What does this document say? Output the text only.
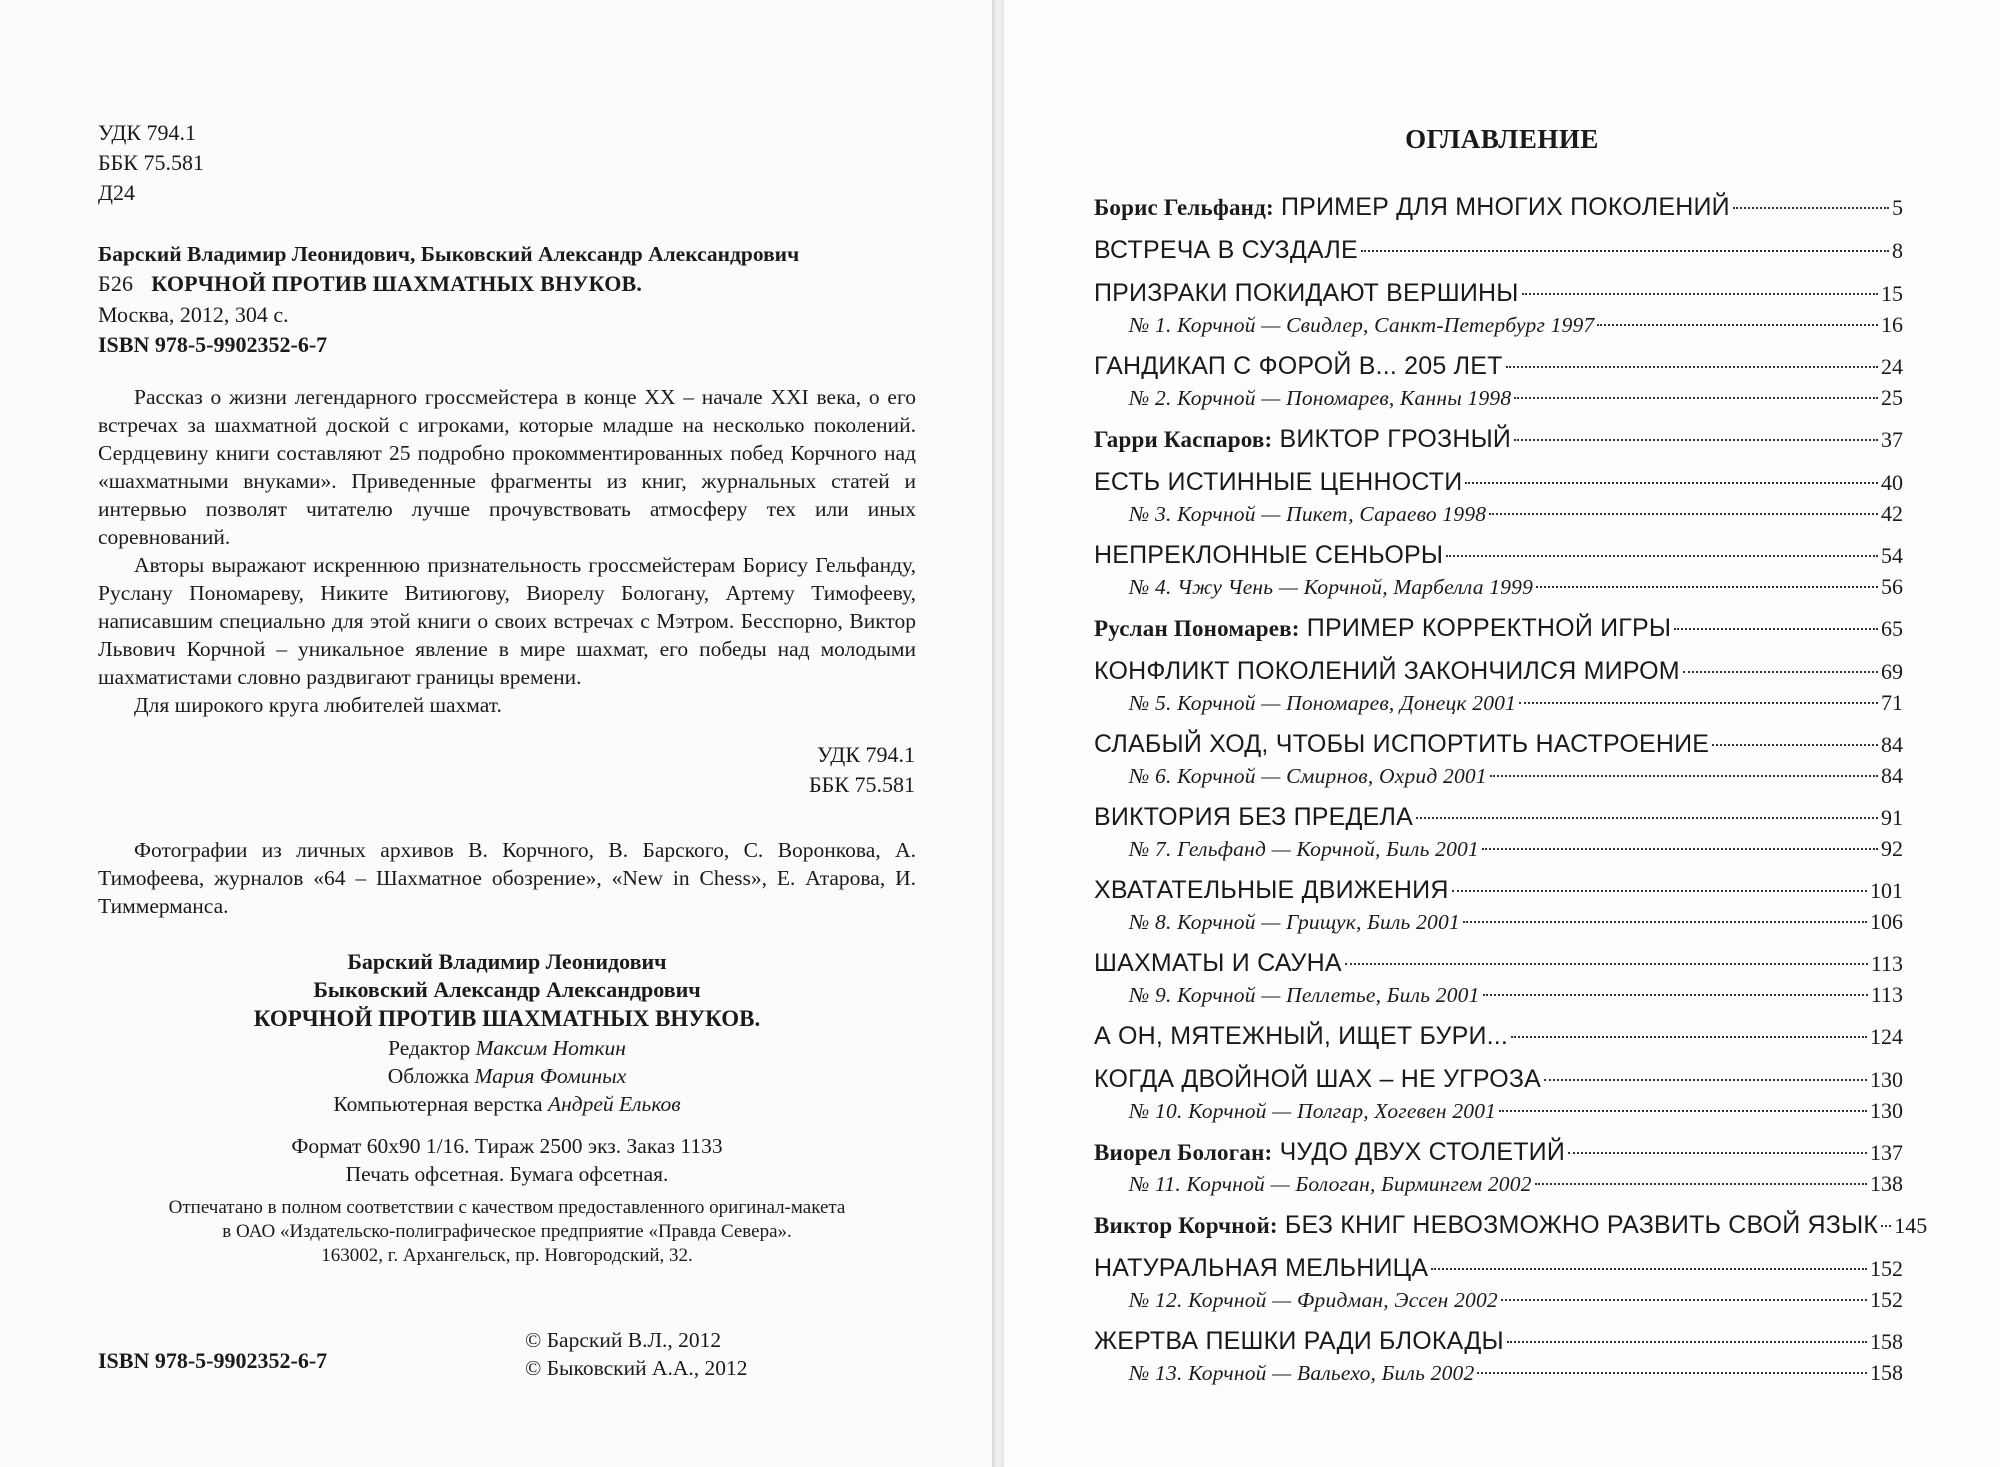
УДК 794.1
ББК 75.581
Д24
Барский Владимир Леонидович, Быковский Александр Александрович
Б26 КОРЧНОЙ ПРОТИВ ШАХМАТНЫХ ВНУКОВ.
Москва, 2012, 304 с.
ISBN 978-5-9902352-6-7

Рассказ о жизни легендарного гроссмейстера в конце XX – начале XXI века, о его встречах за шахматной доской с игроками, которые младше на несколько поколений. Сердцевину книги составляют 25 подробно прокомментированных побед Корчного над «шахматными внуками». Приведенные фрагменты из книг, журнальных статей и интервью позволят читателю лучше прочувствовать атмосферу тех или иных соревнований.

Авторы выражают искреннюю признательность гроссмейстерам Борису Гельфанду, Руслану Пономареву, Никите Витиюгову, Виорелу Бологану, Артему Тимофееву, написавшим специально для этой книги о своих встречах с Мэтром. Бесспорно, Виктор Львович Корчной – уникальное явление в мире шахмат, его победы над молодыми шахматистами словно раздвигают границы времени.

Для широкого круга любителей шахмат.

УДК 794.1
ББК 75.581

Фотографии из личных архивов В. Корчного, В. Барского, С. Воронкова, А. Тимофеева, журналов «64 – Шахматное обозрение», «New in Chess», Е. Атарова, И. Тиммерманса.

Барский Владимир Леонидович
Быковский Александр Александрович
КОРЧНОЙ ПРОТИВ ШАХМАТНЫХ ВНУКОВ.
Редактор Максим Ноткин
Обложка Мария Фоминых
Компьютерная верстка Андрей Ельков
Формат 60х90 1/16. Тираж 2500 экз. Заказ 1133
Печать офсетная. Бумага офсетная.
Отпечатано в полном соответствии с качеством предоставленного оригинал-макета
в ОАО «Издательско-полиграфическое предприятие «Правда Севера».
163002, г. Архангельск, пр. Новгородский, 32.
ISBN 978-5-9902352-6-7
© Барский В.Л., 2012
© Быковский А.А., 2012
ОГЛАВЛЕНИЕ
Борис Гельфанд: ПРИМЕР ДЛЯ МНОГИХ ПОКОЛЕНИЙ	5
ВСТРЕЧА В СУЗДАЛЕ	8
ПРИЗРАКИ ПОКИДАЮТ ВЕРШИНЫ	15
№ 1. Корчной — Свидлер, Санкт-Петербург 1997	16
ГАНДИКАП С ФОРОЙ В... 205 ЛЕТ	24
№ 2. Корчной — Пономарев, Канны 1998	25
Гарри Каспаров: ВИКТОР ГРОЗНЫЙ	37
ЕСТЬ ИСТИННЫЕ ЦЕННОСТИ	40
№ 3. Корчной — Пикет, Сараево 1998	42
НЕПРЕКЛОННЫЕ СЕНЬОРЫ	54
№ 4. Чжу Чень — Корчной, Марбелла 1999	56
Руслан Пономарев: ПРИМЕР КОРРЕКТНОЙ ИГРЫ	65
КОНФЛИКТ ПОКОЛЕНИЙ ЗАКОНЧИЛСЯ МИРОМ	69
№ 5. Корчной — Пономарев, Донецк 2001	71
СЛАБЫЙ ХОД, ЧТОБЫ ИСПОРТИТЬ НАСТРОЕНИЕ	84
№ 6. Корчной — Смирнов, Охрид 2001	84
ВИКТОРИЯ БЕЗ ПРЕДЕЛА	91
№ 7. Гельфанд — Корчной, Биль 2001	92
ХВАТАТЕЛЬНЫЕ ДВИЖЕНИЯ	101
№ 8. Корчной — Грищук, Биль 2001	106
ШАХМАТЫ И САУНА	113
№ 9. Корчной — Пеллетье, Биль 2001	113
А ОН, МЯТЕЖНЫЙ, ИЩЕТ БУРИ...	124
КОГДА ДВОЙНОЙ ШАХ – НЕ УГРОЗА	130
№ 10. Корчной — Полгар, Хогевен 2001	130
Виорел Бологан: ЧУДО ДВУХ СТОЛЕТИЙ	137
№ 11. Корчной — Бологан, Бирмингем 2002	138
Виктор Корчной: БЕЗ КНИГ НЕВОЗМОЖНО РАЗВИТЬ СВОЙ ЯЗЫК 145
НАТУРАЛЬНАЯ МЕЛЬНИЦА	152
№ 12. Корчной — Фридман, Эссен 2002	152
ЖЕРТВА ПЕШКИ РАДИ БЛОКАДЫ	158
№ 13. Корчной — Вальехо, Биль 2002	158
